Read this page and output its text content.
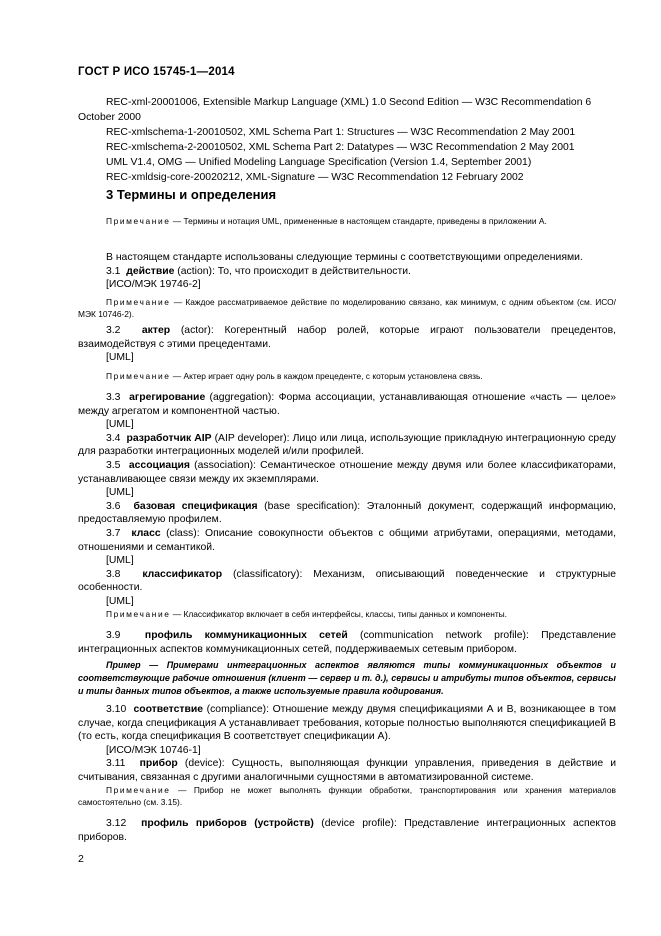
ГОСТ Р ИСО 15745-1—2014

REC-xml-20001006, Extensible Markup Language (XML) 1.0 Second Edition — W3C Recommendation 6 October 2000

REC-xmlschema-1-20010502, XML Schema Part 1: Structures — W3C Recommendation 2 May 2001

REC-xmlschema-2-20010502, XML Schema Part 2: Datatypes — W3C Recommendation 2 May 2001

UML V1.4, OMG — Unified Modeling Language Specification (Version 1.4, September 2001)

REC-xmldsig-core-20020212, XML-Signature — W3C Recommendation 12 February 2002

3 Термины и определения

Примечание — Термины и нотация UML, примененные в настоящем стандарте, приведены в приложении А.

В настоящем стандарте использованы следующие термины с соответствующими определениями.

3.1 действие (action): То, что происходит в действительности.

[ИСО/МЭК 19746-2]

Примечание — Каждое рассматриваемое действие по моделированию связано, как минимум, с одним объектом (см. ИСО/МЭК 10746-2).

3.2 актер (actor): Когерентный набор ролей, которые играют пользователи прецедентов, взаимодействуя с этими прецедентами.

[UML]

Примечание — Актер играет одну роль в каждом прецеденте, с которым установлена связь.

3.3 агрегирование (aggregation): Форма ассоциации, устанавливающая отношение «часть — целое» между агрегатом и компонентной частью.

[UML]

3.4 разработчик AIP (AIP developer): Лицо или лица, использующие прикладную интеграционную среду для разработки интеграционных моделей и/или профилей.

3.5 ассоциация (association): Семантическое отношение между двумя или более классификаторами, устанавливающее связи между их экземплярами.

[UML]

3.6 базовая спецификация (base specification): Эталонный документ, содержащий информацию, предоставляемую профилем.

3.7 класс (class): Описание совокупности объектов с общими атрибутами, операциями, методами, отношениями и семантикой.

[UML]

3.8 классификатор (classificatory): Механизм, описывающий поведенческие и структурные особенности.

[UML]

Примечание — Классификатор включает в себя интерфейсы, классы, типы данных и компоненты.

3.9 профиль коммуникационных сетей (communication network profile): Представление интеграционных аспектов коммуникационных сетей, поддерживаемых сетевым прибором.

Пример — Примерами интеграционных аспектов являются типы коммуникационных объектов и соответствующие рабочие отношения (клиент — сервер и т. д.), сервисы и атрибуты типов объектов, сервисы и типы данных типов объектов, а также используемые правила кодирования.

3.10 соответствие (compliance): Отношение между двумя спецификациями А и В, возникающее в том случае, когда спецификация А устанавливает требования, которые полностью выполняются спецификацией В (то есть, когда спецификация В соответствует спецификации А).

[ИСО/МЭК 10746-1]

3.11 прибор (device): Сущность, выполняющая функции управления, приведения в действие и считывания, связанная с другими аналогичными сущностями в автоматизированной системе.

Примечание — Прибор не может выполнять функции обработки, транспортирования или хранения материалов самостоятельно (см. 3.15).

3.12 профиль приборов (устройств) (device profile): Представление интеграционных аспектов приборов.

2
